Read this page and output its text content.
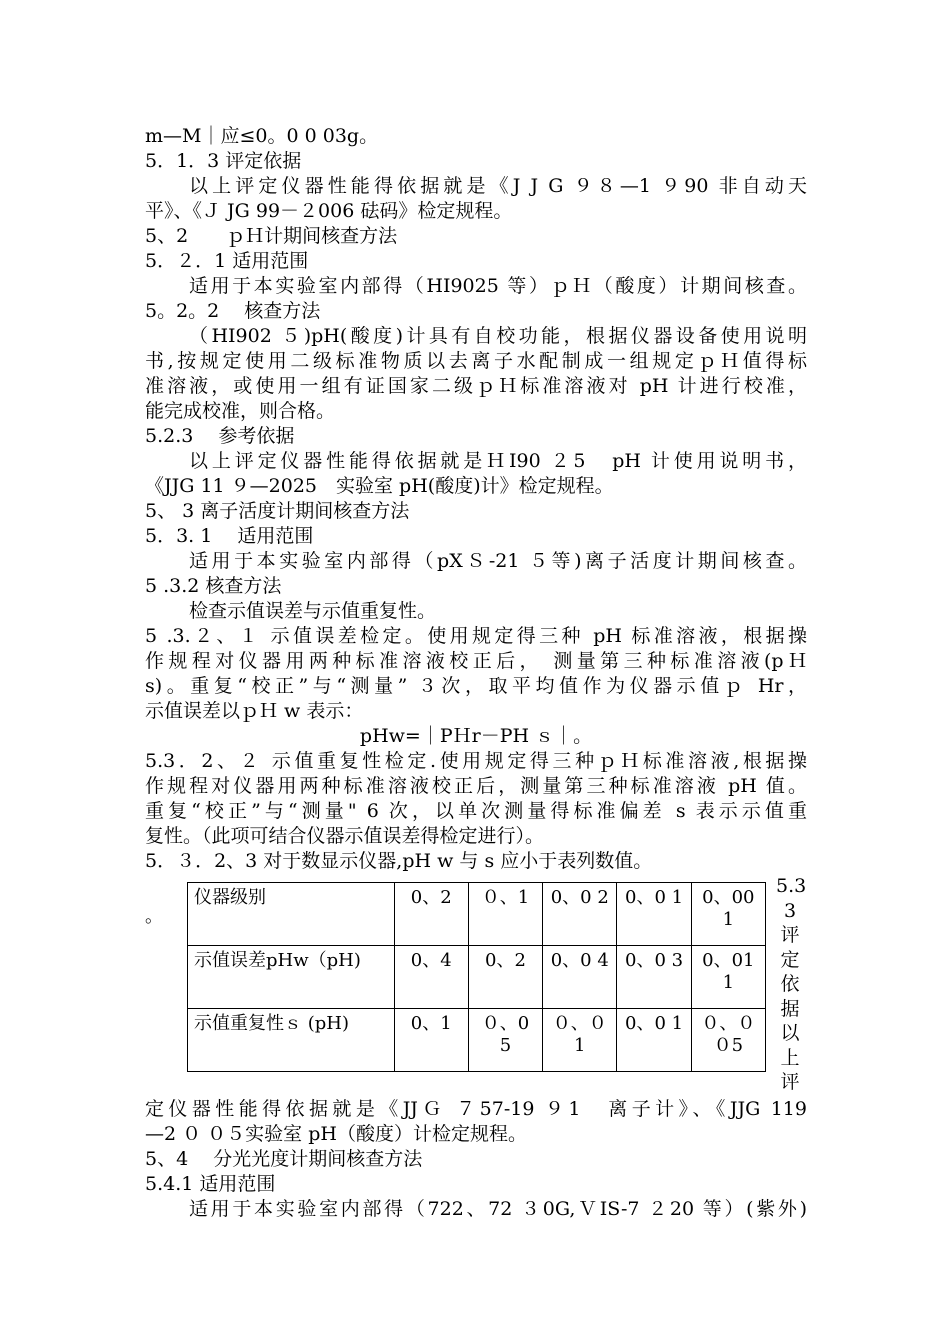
m—M｜应≤0。0 0 03g。
5．1．3 评定依据
以上评定仪器性能得依据就是《J J G ９８—1 ９90 非自动天
平》、《Ｊ JG 99－２006 砝码》检定规程。
5、2　　ｐＨ计期间核查方法
5．２．1 适用范围
适用于本实验室内部得（HI9025 等）ｐＨ（酸度）计期间核查。
5。2。2　 核查方法
（HI902 ５)pH(酸度)计具有自校功能，根据仪器设备使用说明
书,按规定使用二级标准物质以去离子水配制成一组规定ｐＨ值得标
准溶液，或使用一组有证国家二级ｐＨ标准溶液对 pH 计进行校准，
能完成校准，则合格。
5.2.3　 参考依据
以上评定仪器性能得依据就是ＨI90 ２5　pH 计使用说明书，
《JJG 11 ９—2025　实验室 pH(酸度)计》检定规程。
5、 3 离子活度计期间核查方法
5．3. 1　 适用范围
适用于本实验室内部得（pXＳ-21 ５等)离子活度计期间核查。
5 .3.2 核查方法
检查示值误差与示值重复性。
5 .3.２、１ 示值误差检定。使用规定得三种 pH 标准溶液，根据操
作规程对仪器用两种标准溶液校正后， 测量第三种标准溶液(pＨ
s)。重复“校正”与“测量” ３次，取平均值作为仪器示值ｐ Hr，
示值误差以ｐＨ w 表示：
pHw=｜PＨr－PH ｓ｜。
5.3．2、２ 示值重复性检定.使用规定得三种ｐＨ标准溶液,根据操
作规程对仪器用两种标准溶液校正后，测量第三种标准溶液 pH 值。
重复“校正”与“测量" 6 次，以单次测量得标准偏差 s 表示示值重
复性。（此项可结合仪器示值误差得检定进行）。
5．３．2、3 对于数显示仪器,pH w 与 s 应小于表列数值。
。
仪器级别	0、2	０、1	0、0 2	0、0 1	0、00 1
示值误差pHw（pH)	0、4	0、2	0、0 4	0、0 3	0、01 1
示值重复性ｓ (pH)	0、1	０、0 5	０、０1	0、0 1	０、００5
5.3
3
评
定
依
据
以
上
评
定仪器性能得依据就是《JJＧ ７57-19 ９1　离子计》、《JJG 119
—2 ０ ０５实验室 pH（酸度）计检定规程。
5、4　 分光光度计期间核查方法
5.4.1 适用范围
适用于本实验室内部得（722、72 ３0G,ＶIS-7 ２20 等）(紫外)
